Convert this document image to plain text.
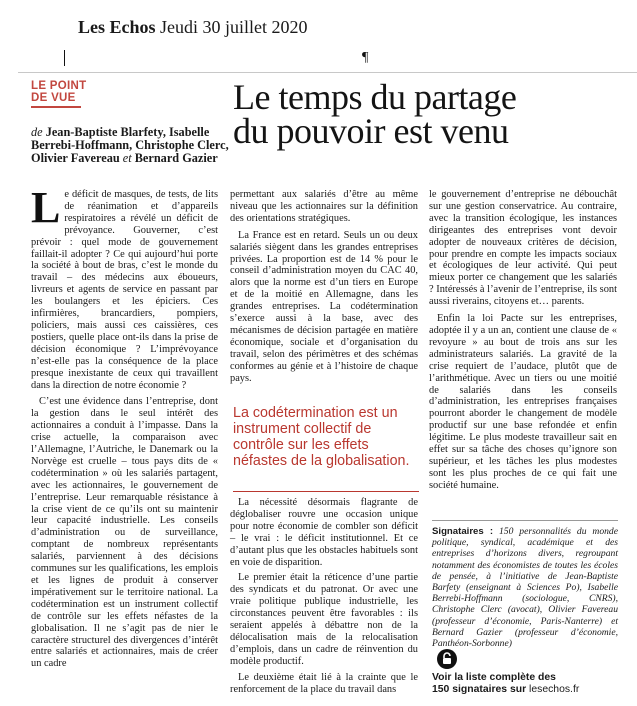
Les Echos Jeudi 30 juillet 2020
¶
LE POINT
DE VUE	Le temps du partage
du pouvoir est venu
de Jean-Baptiste Blarfety, Isabelle Berrebi-Hoffmann, Christophe Clerc, Olivier Favereau et Bernard Gazier

Le déficit de masques, de tests, de lits de réanimation et d’appareils respiratoires a révélé un déficit de prévoyance. Gouverner, c’est prévoir : quel mode de gouvernement faillait-il adopter ? Ce qui aujourd’hui porte la société à bout de bras, c’est le monde du travail – des médecins aux éboueurs, livreurs et agents de service en passant par les boulangers et les épiciers. Ces infirmières, brancardiers, pompiers, policiers, mais aussi ces caissières, ces postiers, quelle place ont-ils dans la prise de décision économique ? L’imprévoyance n’est-elle pas la conséquence de la place presque inexistante de ceux qui travaillent dans la direction de notre économie ?

C’est une évidence dans l’entreprise, dont la gestion dans le seul intérêt des actionnaires a conduit à l’impasse. Dans la crise actuelle, la comparaison avec l’Allemagne, l’Autriche, le Danemark ou la Norvège est cruelle – tous pays dits de « codétermination » où les salariés partagent, avec les actionnaires, le gouvernement de l’entreprise. Leur remarquable résistance à la crise vient de ce qu’ils ont su maintenir leur capacité industrielle. Les conseils d’administration ou de surveillance, comptant de nombreux représentants salariés, parviennent à des décisions communes sur les qualifications, les emplois et les lignes de produit à conserver impérativement sur le territoire national. La codétermination est un instrument collectif de contrôle sur les effets néfastes de la globalisation. Il ne s’agit pas de nier le caractère structurel des divergences d’intérêt entre salariés et actionnaires, mais de créer un cadre

permettant aux salariés d’être au même niveau que les actionnaires sur la définition des orientations stratégiques.

La France est en retard. Seuls un ou deux salariés siègent dans les grandes entreprises privées. La proportion est de 14 % pour le conseil d’administration moyen du CAC 40, alors que la norme est d’un tiers en Europe et de la moitié en Allemagne, dans les grandes entreprises. La codétermination s’exerce aussi à la base, avec des mécanismes de décision partagée en matière économique, sociale et d’organisation du travail, selon des périmètres et des schémas conformes au génie et à l’histoire de chaque pays.

La codétermination est un instrument collectif de contrôle sur les effets néfastes de la globalisation.

La nécessité désormais flagrante de déglobaliser rouvre une occasion unique pour notre économie de combler son déficit – le vrai : le déficit institutionnel. Et ce d’autant plus que les obstacles habituels sont en voie de disparition.

Le premier était la réticence d’une partie des syndicats et du patronat. Or avec une vraie politique publique industrielle, les circonstances peuvent être favorables : ils seraient appelés à débattre non de la délocalisation mais de la relocalisation d’emplois, dans un cadre de réinvention du modèle productif.

Le deuxième était lié à la crainte que le renforcement de la place du travail dans

le gouvernement d’entreprise ne débouchât sur une gestion conservatrice. Au contraire, avec la transition écologique, les instances dirigeantes des entreprises vont devoir adopter de nouveaux critères de décision, pour prendre en compte les impacts sociaux et écologiques de leur activité. Qui peut mieux porter ce changement que les salariés ? Intéressés à l’avenir de l’entreprise, ils sont aussi riverains, citoyens et… parents.

Enfin la loi Pacte sur les entreprises, adoptée il y a un an, contient une clause de « revoyure » au bout de trois ans sur les administrateurs salariés. La gravité de la crise requiert de l’audace, plutôt que de l’arithmétique. Avec un tiers ou une moitié de salariés dans les conseils d’administration, les entreprises françaises pourront aborder le changement de modèle productif sur une base refondée et enfin légitime. Le plus modeste travailleur sait en effet sur sa tâche des choses qu’ignore son supérieur, et les tâches les plus modestes sont les plus proches de ce qui fait une société humaine.

Signataires : 150 personnalités du monde politique, syndical, académique et des entreprises d’horizons divers, regroupant notamment des économistes de toutes les écoles de pensée, à l’initiative de Jean-Baptiste Barfety (enseignant à Sciences Po), Isabelle Berrebi-Hoffmann (sociologue, CNRS), Christophe Clerc (avocat), Olivier Favereau (professeur d’économie, Paris-Nanterre) et Bernard Gazier (professeur d’économie, Panthéon-Sorbonne)
Voir la liste complète des
150 signataires sur lesechos.fr
